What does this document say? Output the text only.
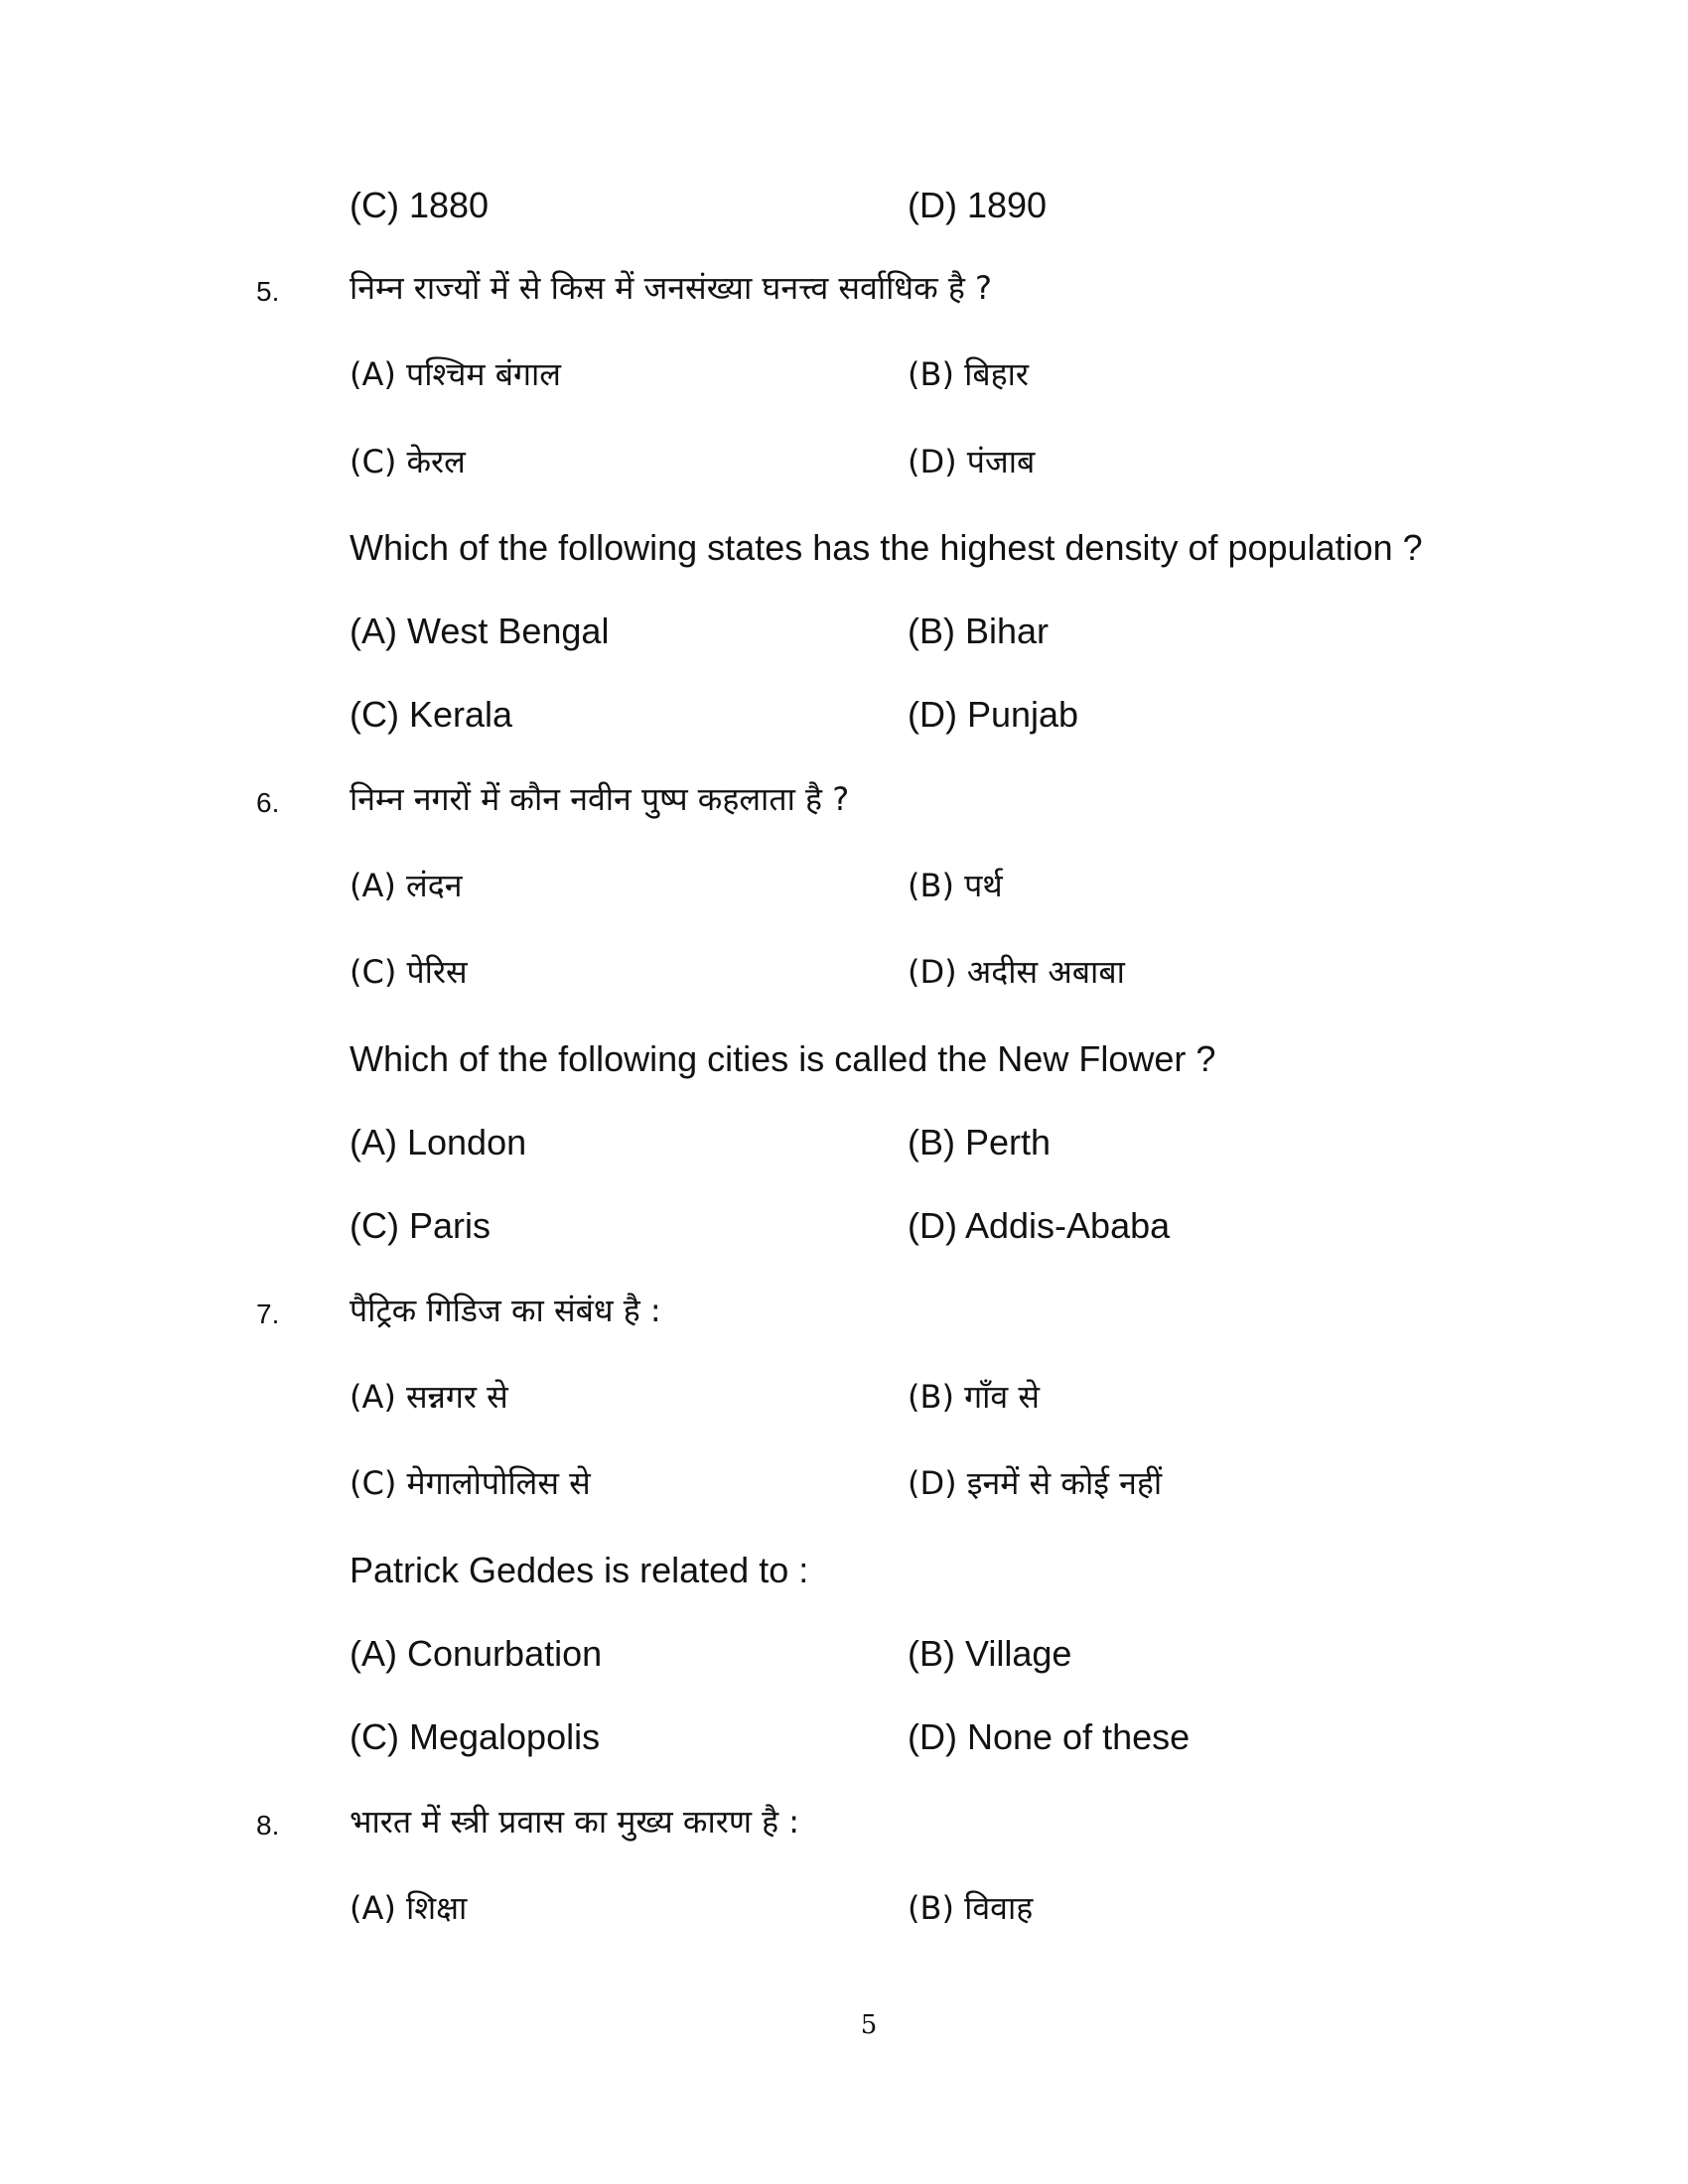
(C) 1880	(D) 1890
5. निम्न राज्यों में से किस में जनसंख्या घनत्त्व सर्वाधिक है ?
(A) पश्चिम बंगाल	(B) बिहार
(C) केरल	(D) पंजाब
Which of the following states has the highest density of population ?
(A) West Bengal	(B) Bihar
(C) Kerala	(D) Punjab
6. निम्न नगरों में कौन नवीन पुष्प कहलाता है ?
(A) लंदन	(B) पर्थ
(C) पेरिस	(D) अदीस अबाबा
Which of the following cities is called the New Flower ?
(A) London	(B) Perth
(C) Paris	(D) Addis-Ababa
7. पैट्रिक गिडिज का संबंध है :
(A) सन्नगर से	(B) गाँव से
(C) मेगालोपोलिस से	(D) इनमें से कोई नहीं
Patrick Geddes is related to :
(A) Conurbation	(B) Village
(C) Megalopolis	(D) None of these
8. भारत में स्त्री प्रवास का मुख्य कारण है :
(A) शिक्षा	(B) विवाह
5
